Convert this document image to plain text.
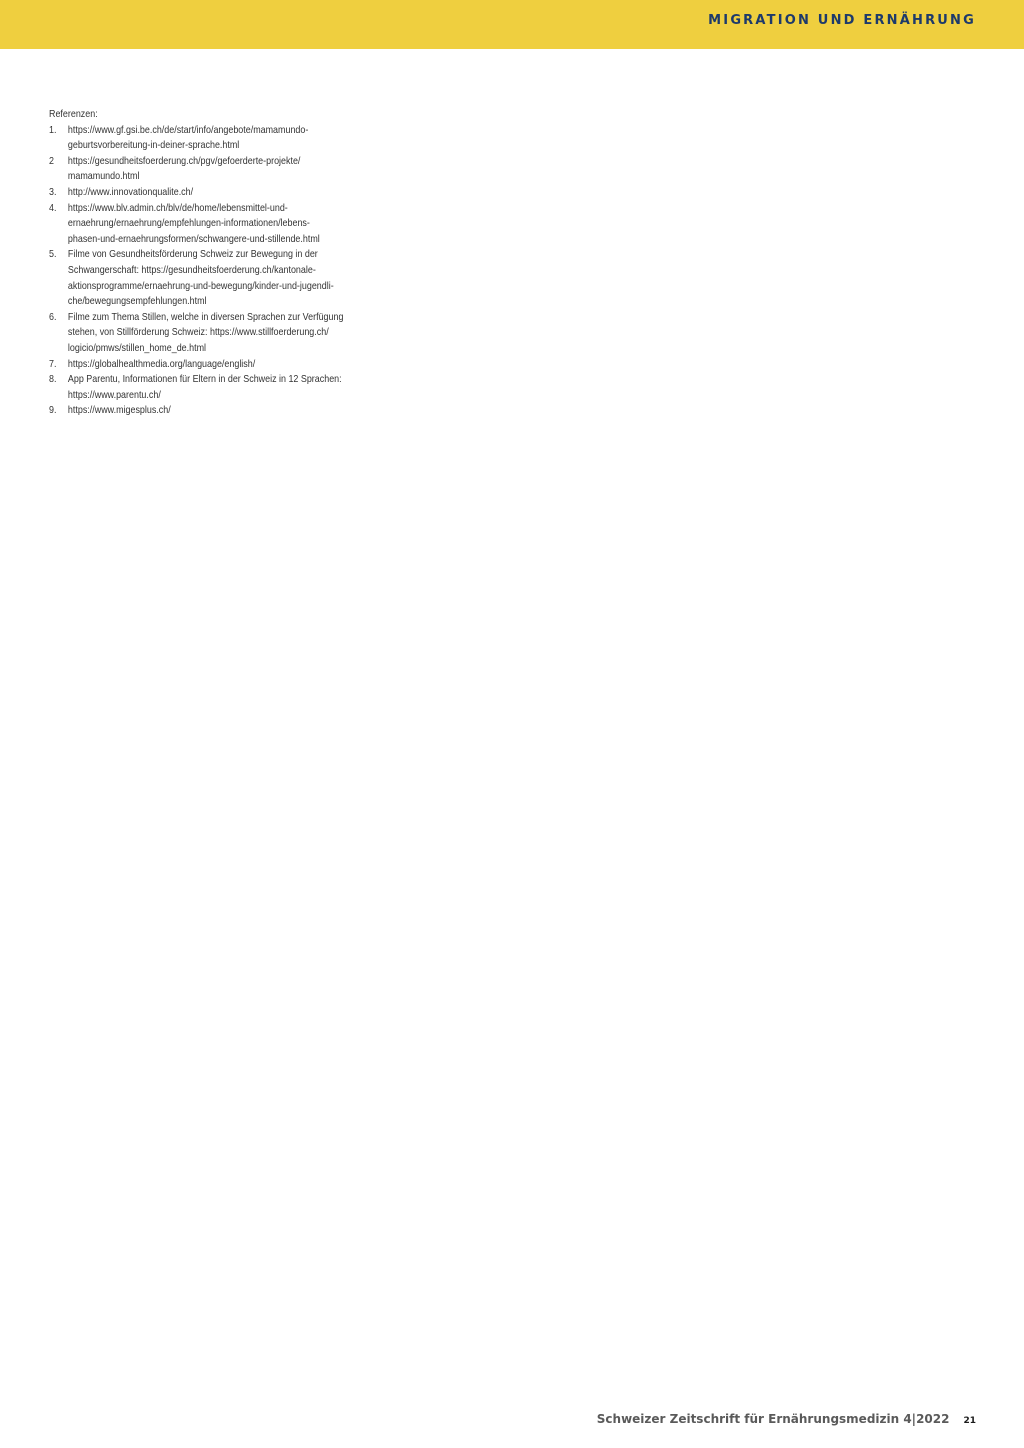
MIGRATION UND ERNÄHRUNG

Referenzen:

1.	https://www.gf.gsi.be.ch/de/start/info/angebote/mamamundo-
geburtsvorbereitung-in-deiner-sprache.html
2	https://gesundheitsfoerderung.ch/pgv/gefoerderte-projekte/
mamamundo.html
3.	http://www.innovationqualite.ch/
4.	https://www.blv.admin.ch/blv/de/home/lebensmittel-und-
ernaehrung/ernaehrung/empfehlungen-informationen/lebens-
phasen-und-ernaehrungsformen/schwangere-und-stillende.html
5.	Filme von Gesundheitsförderung Schweiz zur Bewegung in der
Schwangerschaft: https://gesundheitsfoerderung.ch/kantonale-
aktionsprogramme/ernaehrung-und-bewegung/kinder-und-jugendli-
che/bewegungsempfehlungen.html
6.	Filme zum Thema Stillen, welche in diversen Sprachen zur Verfügung
stehen, von Stillförderung Schweiz: https://www.stillfoerderung.ch/
logicio/pmws/stillen_home_de.html
7.	https://globalhealthmedia.org/language/english/
8.	App Parentu, Informationen für Eltern in der Schweiz in 12 Sprachen:
https://www.parentu.ch/
9.	https://www.migesplus.ch/
Schweizer Zeitschrift für Ernährungsmedizin 4|2022 21
